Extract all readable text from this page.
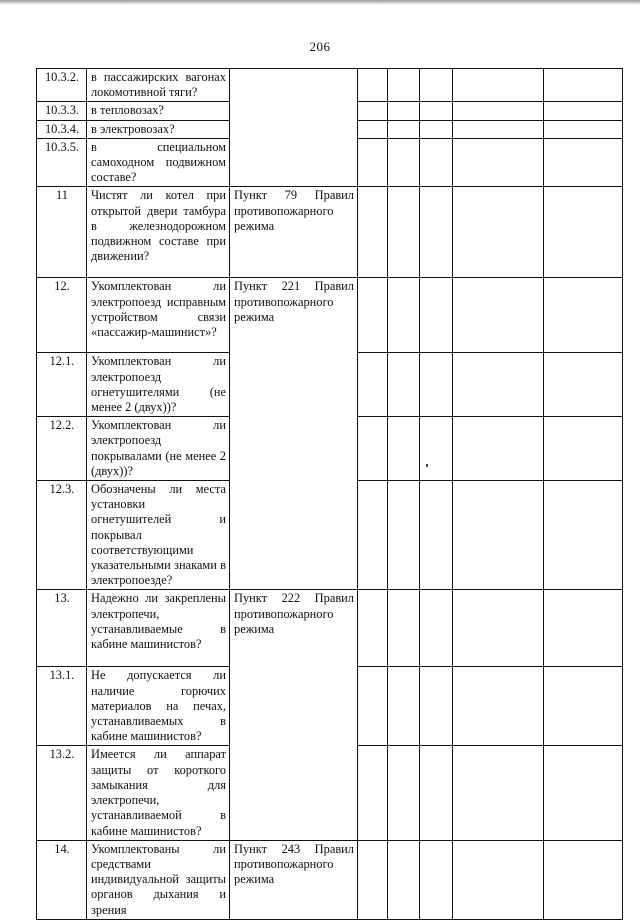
206
10.3.2.	в пассажирских вагонах локомотивной тяги?						
10.3.3.	в тепловозах?						
10.3.4.	в электровозах?						
10.3.5.	в специальном самоходном подвижном составе?						
11	Чистят ли котел при открытой двери тамбура в железнодорожном подвижном составе при движении?	Пункт 79 Правил противопожарного режима					
12.	Укомплектован ли электропоезд исправным устройством связи «пассажир-машинист»?	Пункт 221 Правил противопожарного режима					
12.1.	Укомплектован ли электропоезд огнетушителями (не менее 2 (двух))?						
12.2.	Укомплектован ли электропоезд покрывалами (не менее 2 (двух))?						
12.3.	Обозначены ли места установки огнетушителей и покрывал соответствующими указательными знаками в электропоезде?						
13.	Надежно ли закреплены электропечи, устанавливаемые в кабине машинистов?	Пункт 222 Правил противопожарного режима					
13.1.	Не допускается ли наличие горючих материалов на печах, устанавливаемых в кабине машинистов?						
13.2.	Имеется ли аппарат защиты от короткого замыкания для электропечи, устанавливаемой в кабине машинистов?						
14.	Укомплектованы ли средствами индивидуальной защиты органов дыхания и зрения	Пункт 243 Правил противопожарного режима					
